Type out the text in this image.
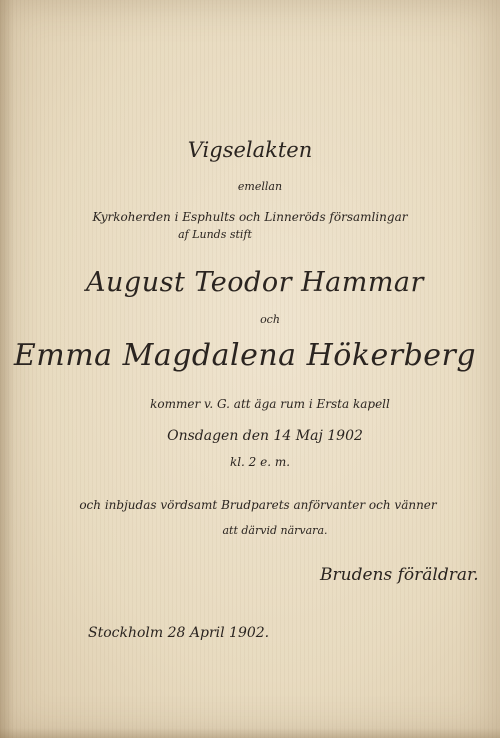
Vigselakten
emellan
Kyrkoherden i Esphults och Linneröds församlingar
af Lunds stift
August Teodor Hammar
och
Emma Magdalena Hökerberg
kommer v. G. att äga rum i Ersta kapell
Onsdagen den 14 Maj 1902
kl. 2 e. m.
och inbjudas vördsamt Brudparets anförvanter och vänner
att därvid närvara.
Brudens föräldrar.
Stockholm 28 April 1902.
